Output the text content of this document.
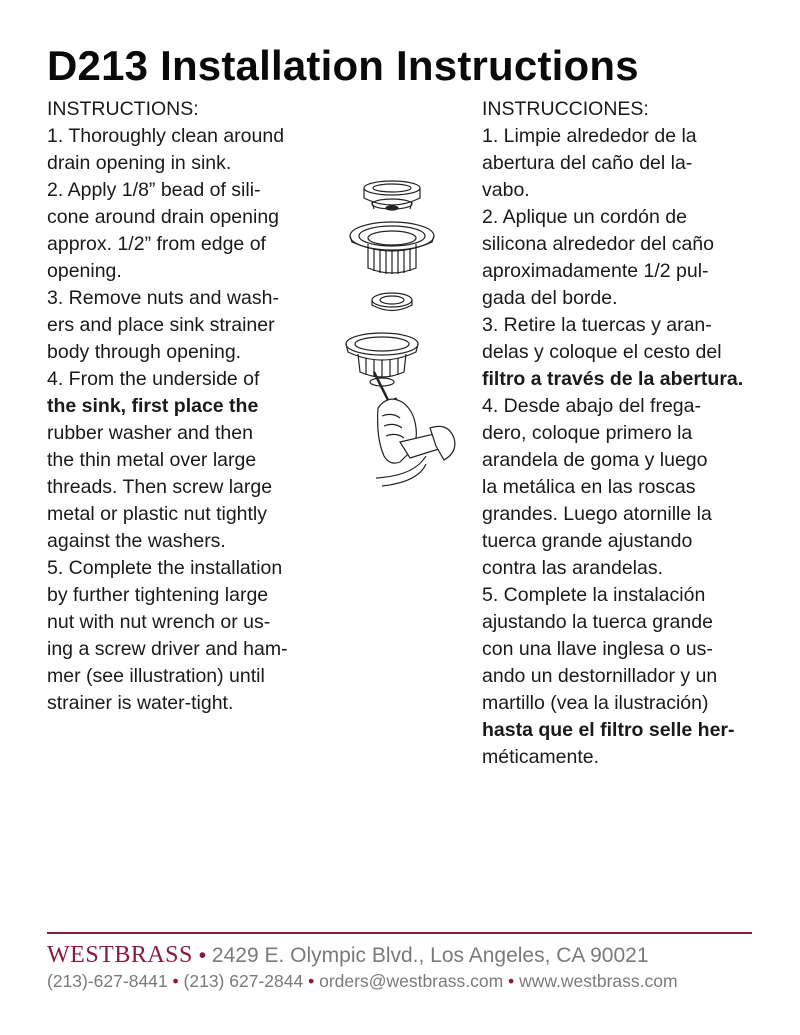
D213 Installation Instructions
INSTRUCTIONS:
1. Thoroughly clean around
drain opening in sink.
2. Apply 1/8” bead of sili-
cone around drain opening
approx. 1/2” from edge of
opening.
3. Remove nuts and wash-
ers and place sink strainer
body through opening.
4. From the underside of
the sink, first place the
rubber washer and then
the thin metal over large
threads. Then screw large
metal or plastic nut tightly
against the washers.
5. Complete the installation
by further tightening large
nut with nut wrench or us-
ing a screw driver and ham-
mer (see illustration) until
strainer is water-tight.
INSTRUCCIONES:
1. Limpie alrededor de la
abertura del caño del la-
vabo.
2. Aplique un cordón de
silicona alrededor del caño
aproximadamente 1/2 pul-
gada del borde.
3. Retire la tuercas y aran-
delas y coloque el cesto del
filtro a través de la abertura.
4. Desde abajo del frega-
dero, coloque primero la
arandela de goma y luego
la metálica en las roscas
grandes. Luego atornille la
tuerca grande ajustando
contra las arandelas.
5. Complete la instalación
ajustando la tuerca grande
con una llave inglesa o us-
ando un destornillador y un
martillo (vea la ilustración)
hasta que el filtro selle her-
méticamente.
WESTBRASS • 2429 E. Olympic Blvd., Los Angeles, CA 90021
(213)-627-8441 • (213) 627-2844 • orders@westbrass.com • www.westbrass.com
